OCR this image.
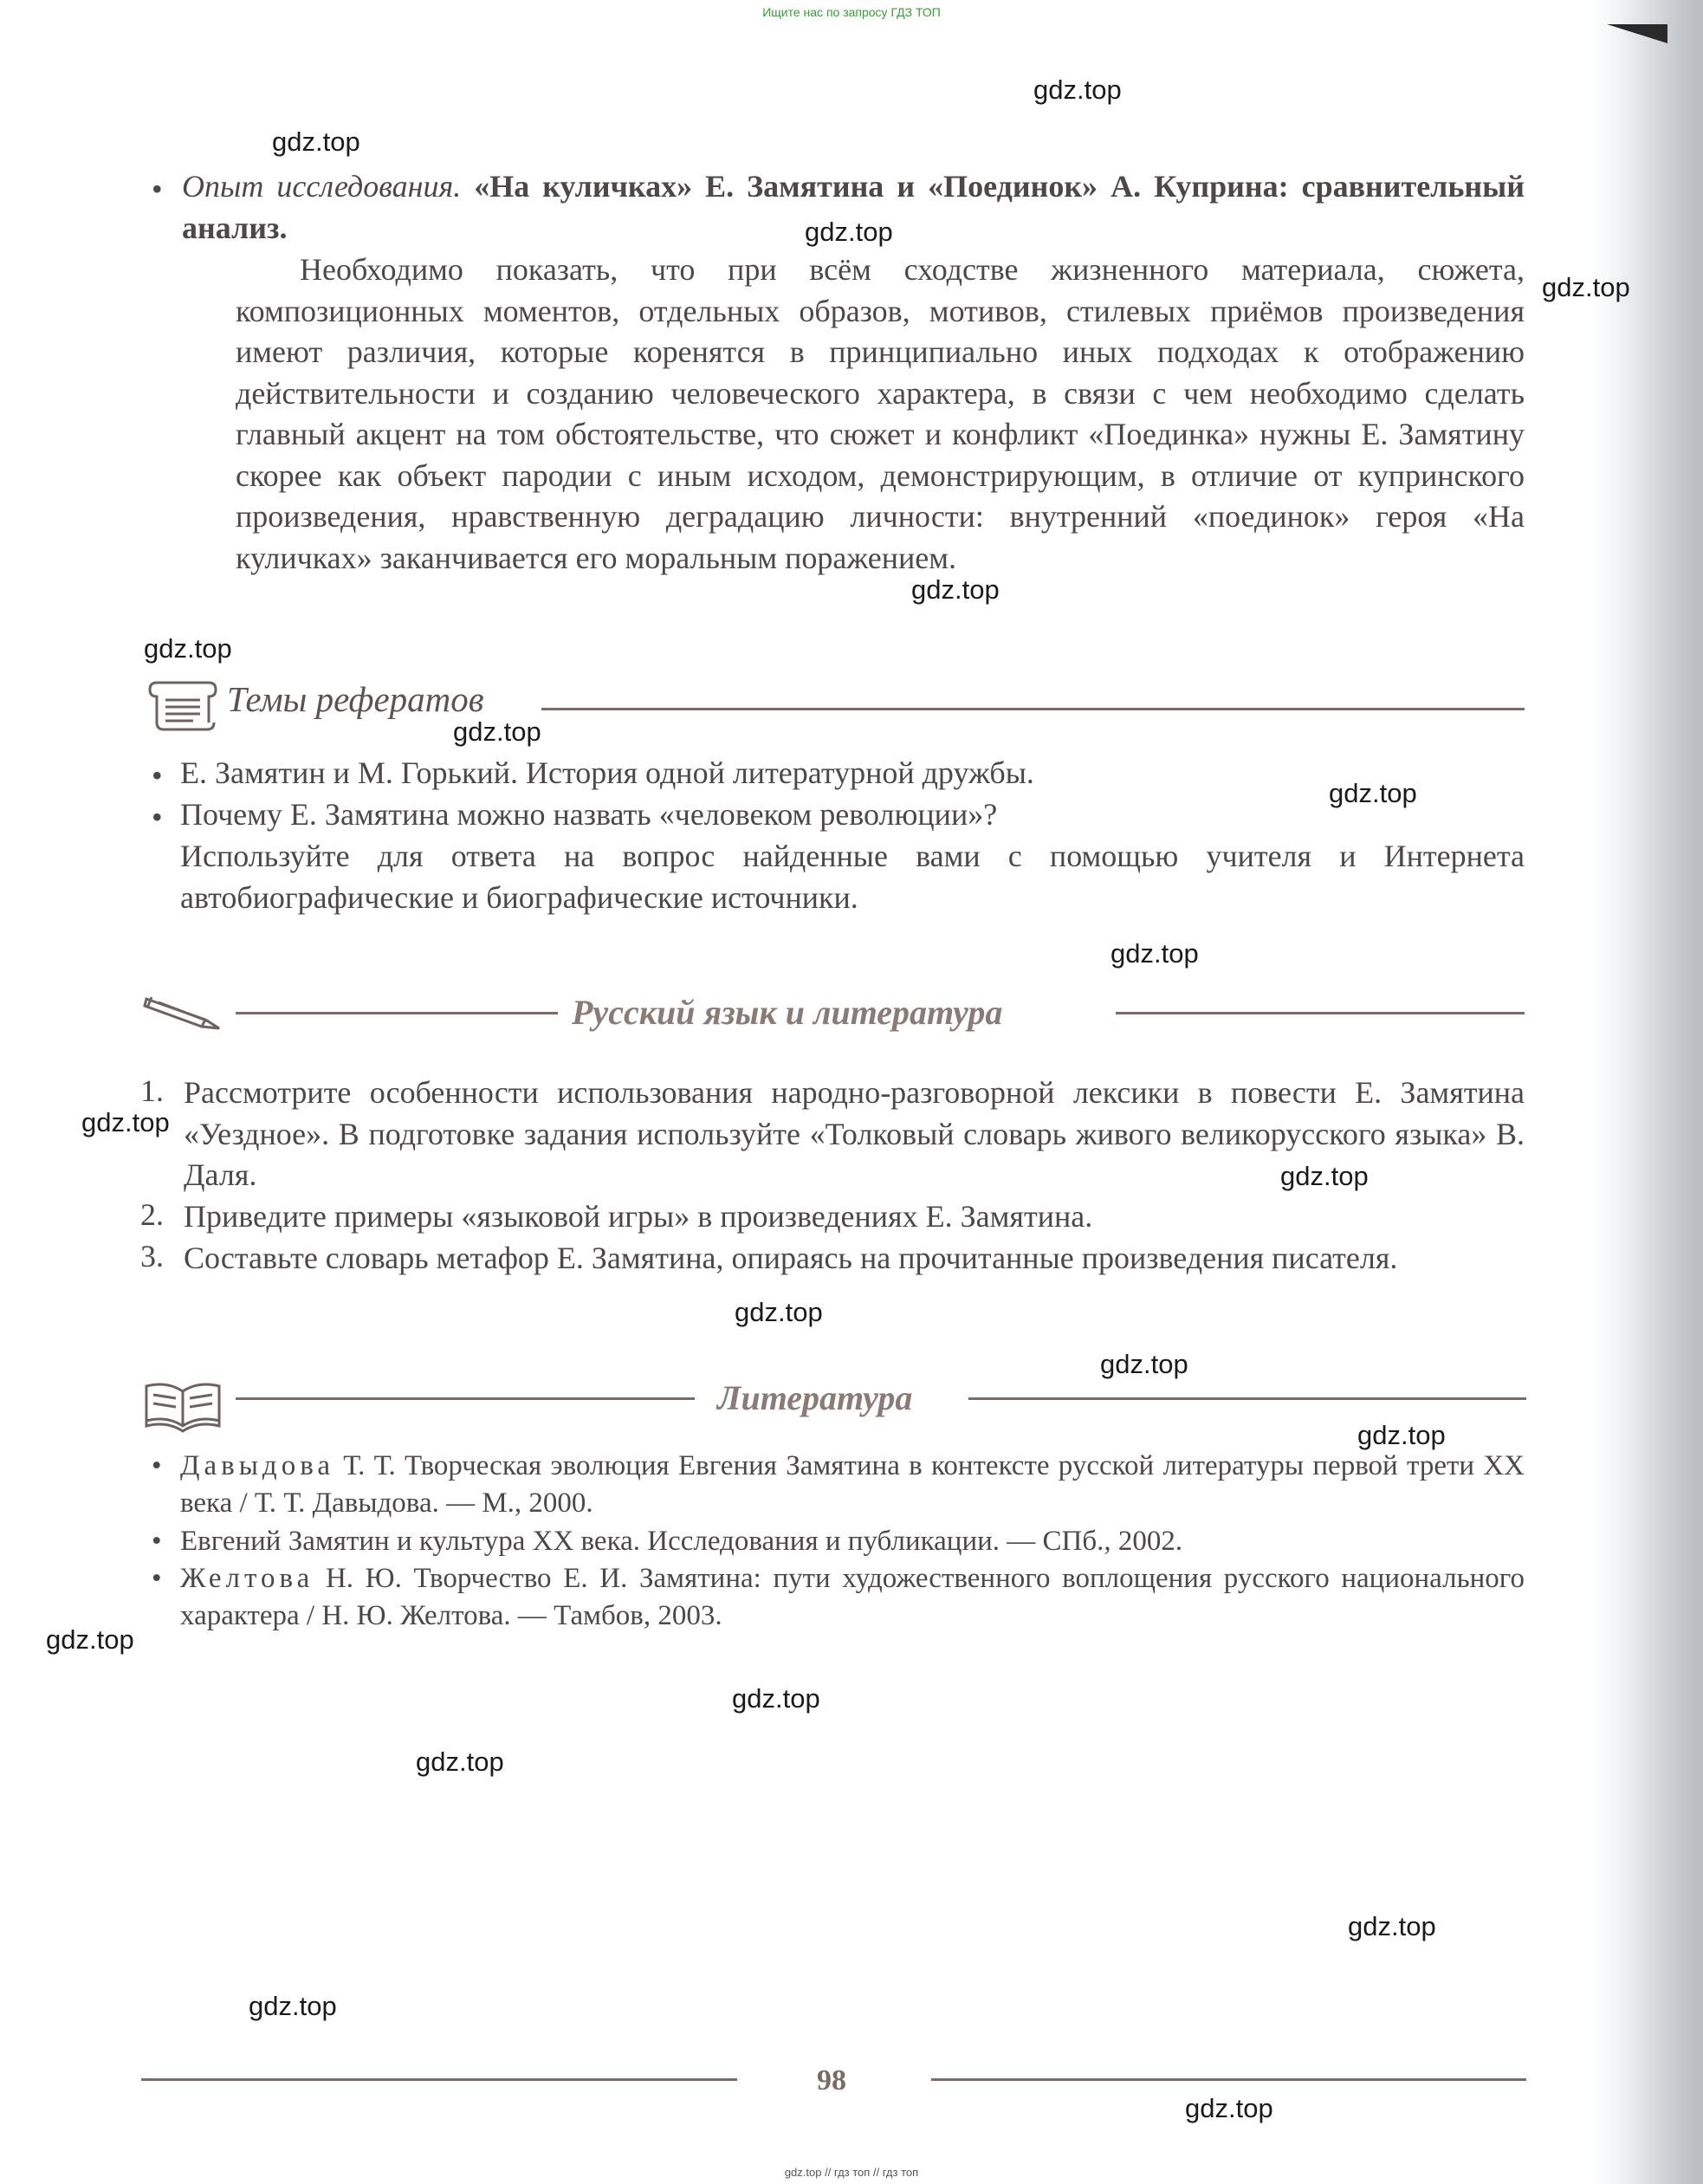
Ищите нас по запросу ГДЗ ТОП
• Опыт исследования. «На куличках» Е. Замятина и «Поединок» А. Куприна: сравнительный анализ.
Необходимо показать, что при всём сходстве жизненного материала, сюжета, композиционных моментов, отдельных образов, мотивов, стилевых приёмов произведения имеют различия, которые коренятся в принципиально иных подходах к отображению действительности и созданию человеческого характера, в связи с чем необходимо сделать главный акцент на том обстоятельстве, что сюжет и конфликт «Поединка» нужны Е. Замятину скорее как объект пародии с иным исходом, демонстрирующим, в отличие от купринского произведения, нравственную деградацию личности: внутренний «поединок» героя «На куличках» заканчивается его моральным поражением.
Темы рефератов
• Е. Замятин и М. Горький. История одной литературной дружбы.
• Почему Е. Замятина можно назвать «человеком революции»?
Используйте для ответа на вопрос найденные вами с помощью учителя и Интернета автобиографические и биографические источники.
Русский язык и литература
1. Рассмотрите особенности использования народно-разговорной лексики в повести Е. Замятина «Уездное». В подготовке задания используйте «Толковый словарь живого великорусского языка» В. Даля.
2. Приведите примеры «языковой игры» в произведениях Е. Замятина.
3. Составьте словарь метафор Е. Замятина, опираясь на прочитанные произведения писателя.
Литература
• Давыдова Т. Т. Творческая эволюция Евгения Замятина в контексте русской литературы первой трети XX века / Т. Т. Давыдова. — М., 2000.
• Евгений Замятин и культура XX века. Исследования и публикации. — СПб., 2002.
• Желтова Н. Ю. Творчество Е. И. Замятина: пути художественного воплощения русского национального характера / Н. Ю. Желтова. — Тамбов, 2003.
98
gdz.top // гдз топ // гдз топ
gdz.top
gdz.top
gdz.top
gdz.top
gdz.top
gdz.top
gdz.top
gdz.top
gdz.top
gdz.top
gdz.top
gdz.top
gdz.top
gdz.top
gdz.top
gdz.top
gdz.top
gdz.top
gdz.top
gdz.top
